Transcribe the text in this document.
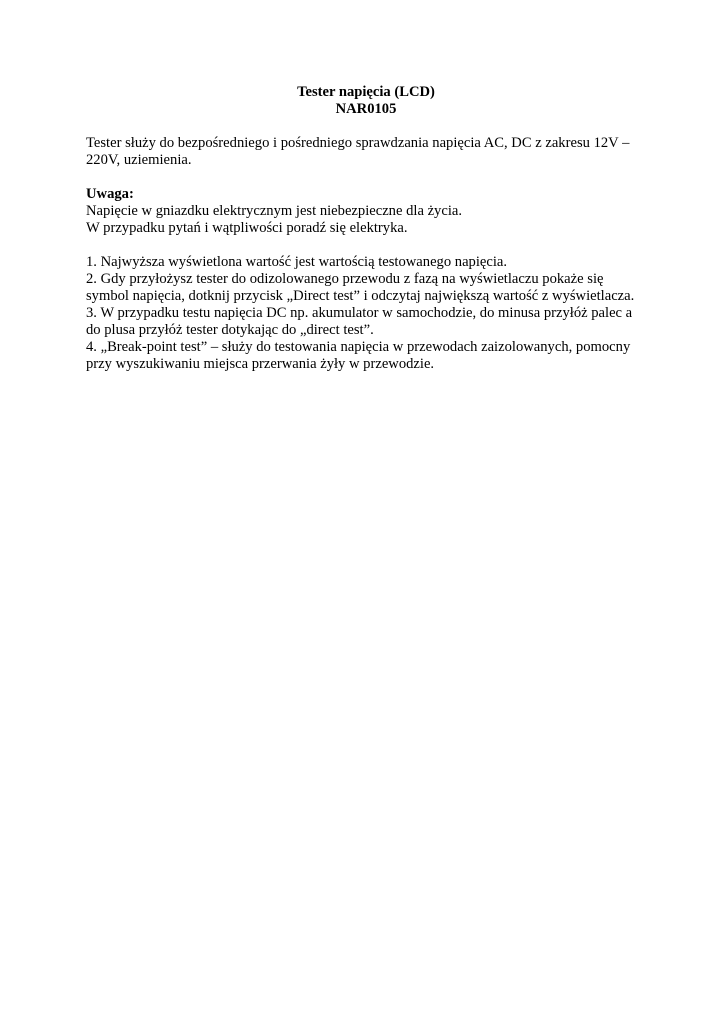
Tester napięcia (LCD)
NAR0105
Tester służy do bezpośredniego i pośredniego sprawdzania napięcia AC, DC z zakresu 12V –
220V, uziemienia.
Uwaga:
Napięcie w gniazdku elektrycznym jest niebezpieczne dla życia.
W przypadku pytań i wątpliwości poradź się elektryka.
1. Najwyższa wyświetlona wartość jest wartością testowanego napięcia.
2. Gdy przyłożysz tester do odizolowanego przewodu z fazą na wyświetlaczu pokaże się
symbol napięcia, dotknij przycisk „Direct test” i odczytaj największą wartość z wyświetlacza.
3. W przypadku testu napięcia DC np. akumulator w samochodzie, do minusa przyłóż palec a
do plusa przyłóż tester dotykając do „direct test”.
4. „Break-point test” – służy do testowania napięcia w przewodach zaizolowanych, pomocny
przy wyszukiwaniu miejsca przerwania żyły w przewodzie.
